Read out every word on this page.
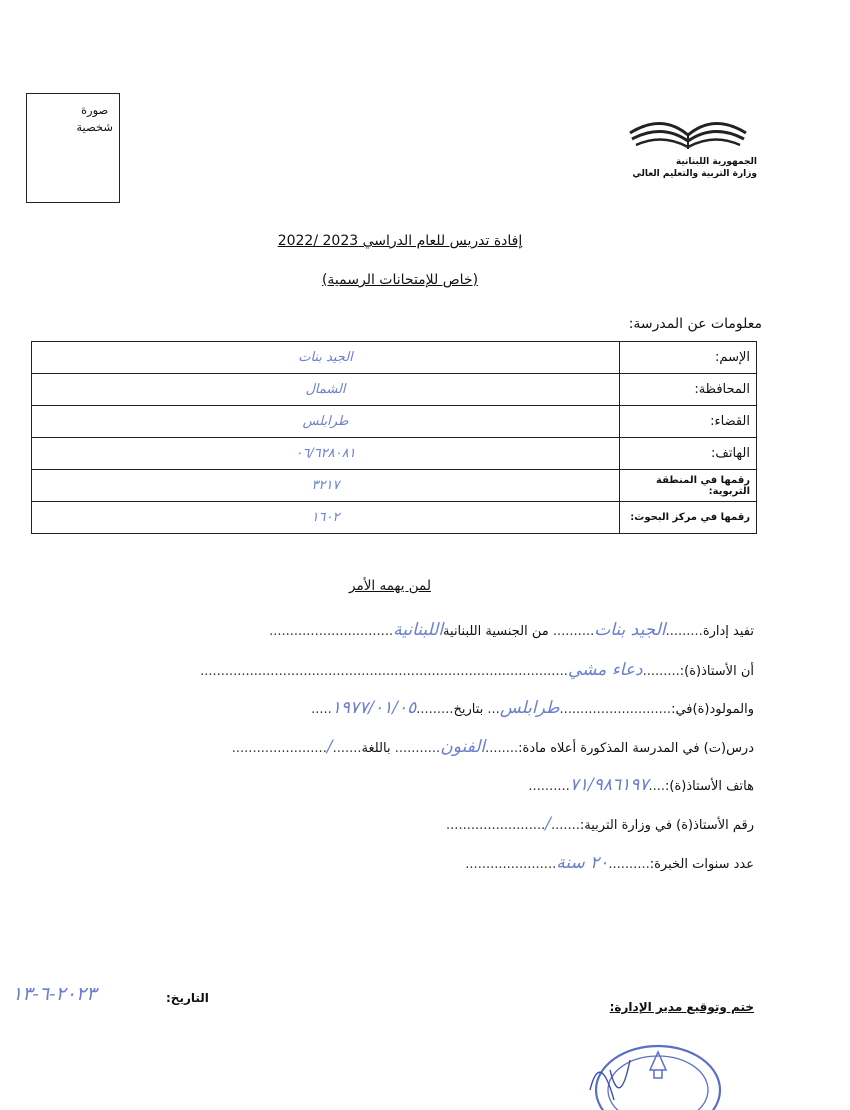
صورة
شخصية
الجمهورية اللبنانية
وزارة التربية والتعليم العالي
إفادة تدريس للعام الدراسي 2023 /2022
(خاص للإمتحانات الرسمية)
معلومات عن المدرسة:
الإسم:	الجيد بنات
المحافظة:	الشمال
القضاء:	طرابلس
الهاتف:	٠٦/٦٢٨٠٨١
رقمها في المنطقة التربوية:	٣٢١٧
رقمها في مركز البحوث:	١٦٠٢
لمن يهمه الأمر
تفيد إدارة.........الجيد بنات.......... من الجنسية اللبنانيةاللبنانية..............................
أن الأستاذ(ة):.........دعاء مشي.........................................................................................
والمولود(ة)في:...........................طرابلس... بتاريخ.........١٩٧٧/٠١/٠٥.....
درس(ت) في المدرسة المذكورة أعلاه مادة:........الفنون........... باللغة......./.......................
هاتف الأستاذ(ة):....٧١/٩٨٦١٩٧..........
رقم الأستاذ(ة) في وزارة التربية:......./........................
عدد سنوات الخبرة:..........٢٠ سنة......................
التاريخ:
٢٠٢٣-٦-١٣
ختم وتوقيع مدير الإدارة:
